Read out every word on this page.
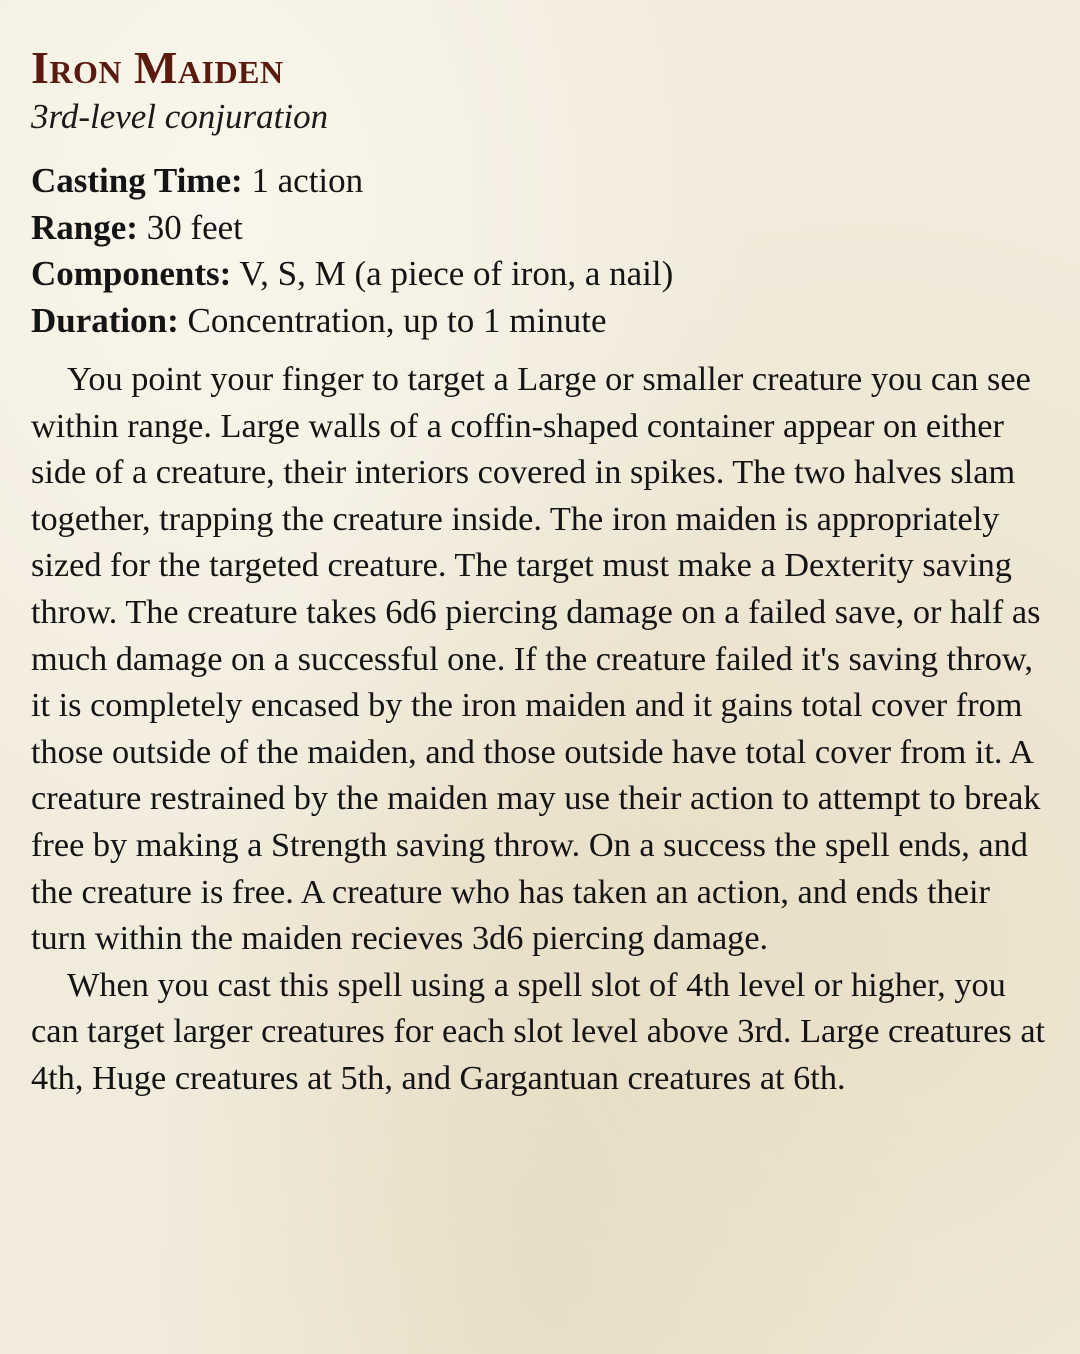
Iron Maiden
3rd-level conjuration
Casting Time: 1 action
Range: 30 feet
Components: V, S, M (a piece of iron, a nail)
Duration: Concentration, up to 1 minute

You point your finger to target a Large or smaller creature you can see within range. Large walls of a coffin-shaped container appear on either side of a creature, their interiors covered in spikes. The two halves slam together, trapping the creature inside. The iron maiden is appropriately sized for the targeted creature. The target must make a Dexterity saving throw. The creature takes 6d6 piercing damage on a failed save, or half as much damage on a successful one. If the creature failed it's saving throw, it is completely encased by the iron maiden and it gains total cover from those outside of the maiden, and those outside have total cover from it. A creature restrained by the maiden may use their action to attempt to break free by making a Strength saving throw. On a success the spell ends, and the creature is free. A creature who has taken an action, and ends their turn within the maiden recieves 3d6 piercing damage.

When you cast this spell using a spell slot of 4th level or higher, you can target larger creatures for each slot level above 3rd. Large creatures at 4th, Huge creatures at 5th, and Gargantuan creatures at 6th.
